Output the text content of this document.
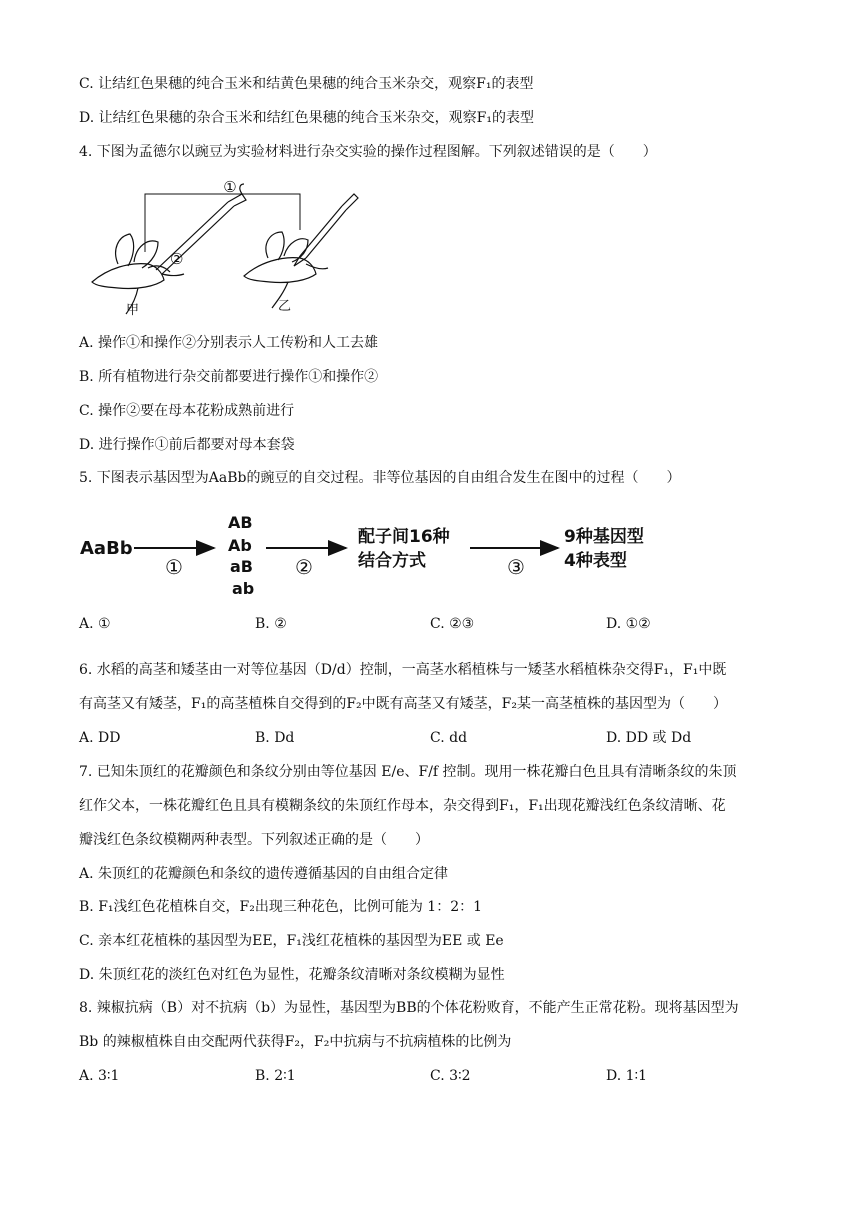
C. 让结红色果穗的纯合玉米和结黄色果穗的纯合玉米杂交，观察F₁的表型
D. 让结红色果穗的杂合玉米和结红色果穗的纯合玉米杂交，观察F₁的表型
4. 下图为孟德尔以豌豆为实验材料进行杂交实验的操作过程图解。下列叙述错误的是（　　）
①
②
甲	乙
A. 操作①和操作②分别表示人工传粉和人工去雄
B. 所有植物进行杂交前都要进行操作①和操作②
C. 操作②要在母本花粉成熟前进行
D. 进行操作①前后都要对母本套袋
5. 下图表示基因型为AaBb的豌豆的自交过程。非等位基因的自由组合发生在图中的过程（　　）
AaBb
①
AB
Ab
aB
ab
②
配子间16种
结合方式	③
9种基因型
4种表型
A. ①	B. ②	C. ②③	D. ①②
6. 水稻的高茎和矮茎由一对等位基因（D/d）控制，一高茎水稻植株与一矮茎水稻植株杂交得F₁，F₁中既
有高茎又有矮茎，F₁的高茎植株自交得到的F₂中既有高茎又有矮茎，F₂某一高茎植株的基因型为（　　）
A. DD	B. Dd	C. dd	D. DD 或 Dd
7. 已知朱顶红的花瓣颜色和条纹分别由等位基因 E/e、F/f 控制。现用一株花瓣白色且具有清晰条纹的朱顶
红作父本，一株花瓣红色且具有模糊条纹的朱顶红作母本，杂交得到F₁，F₁出现花瓣浅红色条纹清晰、花
瓣浅红色条纹模糊两种表型。下列叙述正确的是（　　）
A. 朱顶红的花瓣颜色和条纹的遗传遵循基因的自由组合定律
B. F₁浅红色花植株自交，F₂出现三种花色，比例可能为 1：2：1
C. 亲本红花植株的基因型为EE，F₁浅红花植株的基因型为EE 或 Ee
D. 朱顶红花的淡红色对红色为显性，花瓣条纹清晰对条纹模糊为显性
8. 辣椒抗病（B）对不抗病（b）为显性，基因型为BB的个体花粉败育，不能产生正常花粉。现将基因型为
Bb 的辣椒植株自由交配两代获得F₂，F₂中抗病与不抗病植株的比例为
A. 3∶1	B. 2∶1	C. 3∶2	D. 1∶1
